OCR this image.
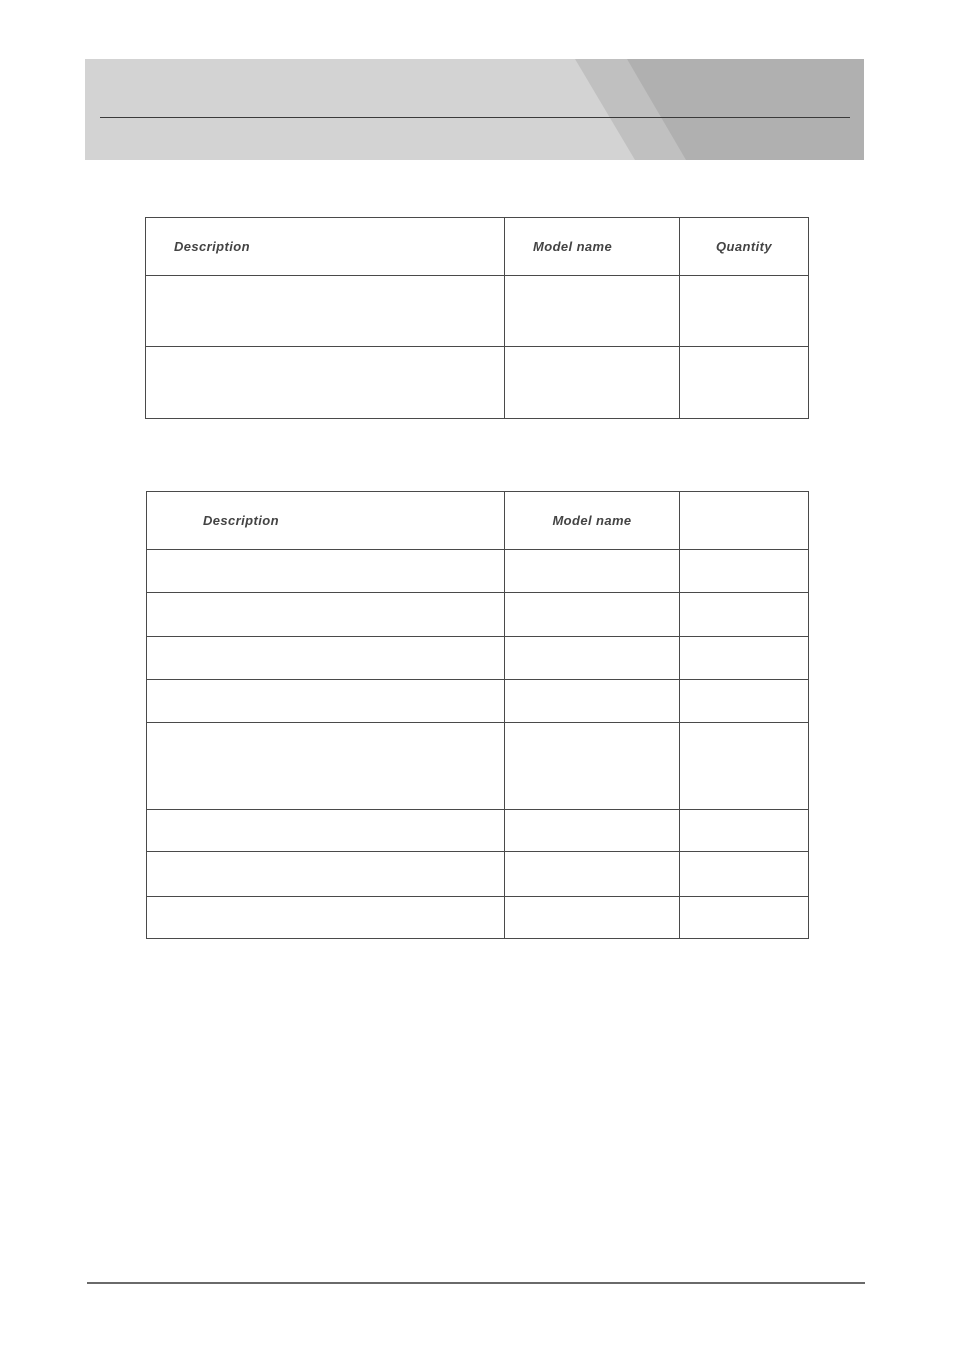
Description	Model name	Quantity

Description	Model name	
